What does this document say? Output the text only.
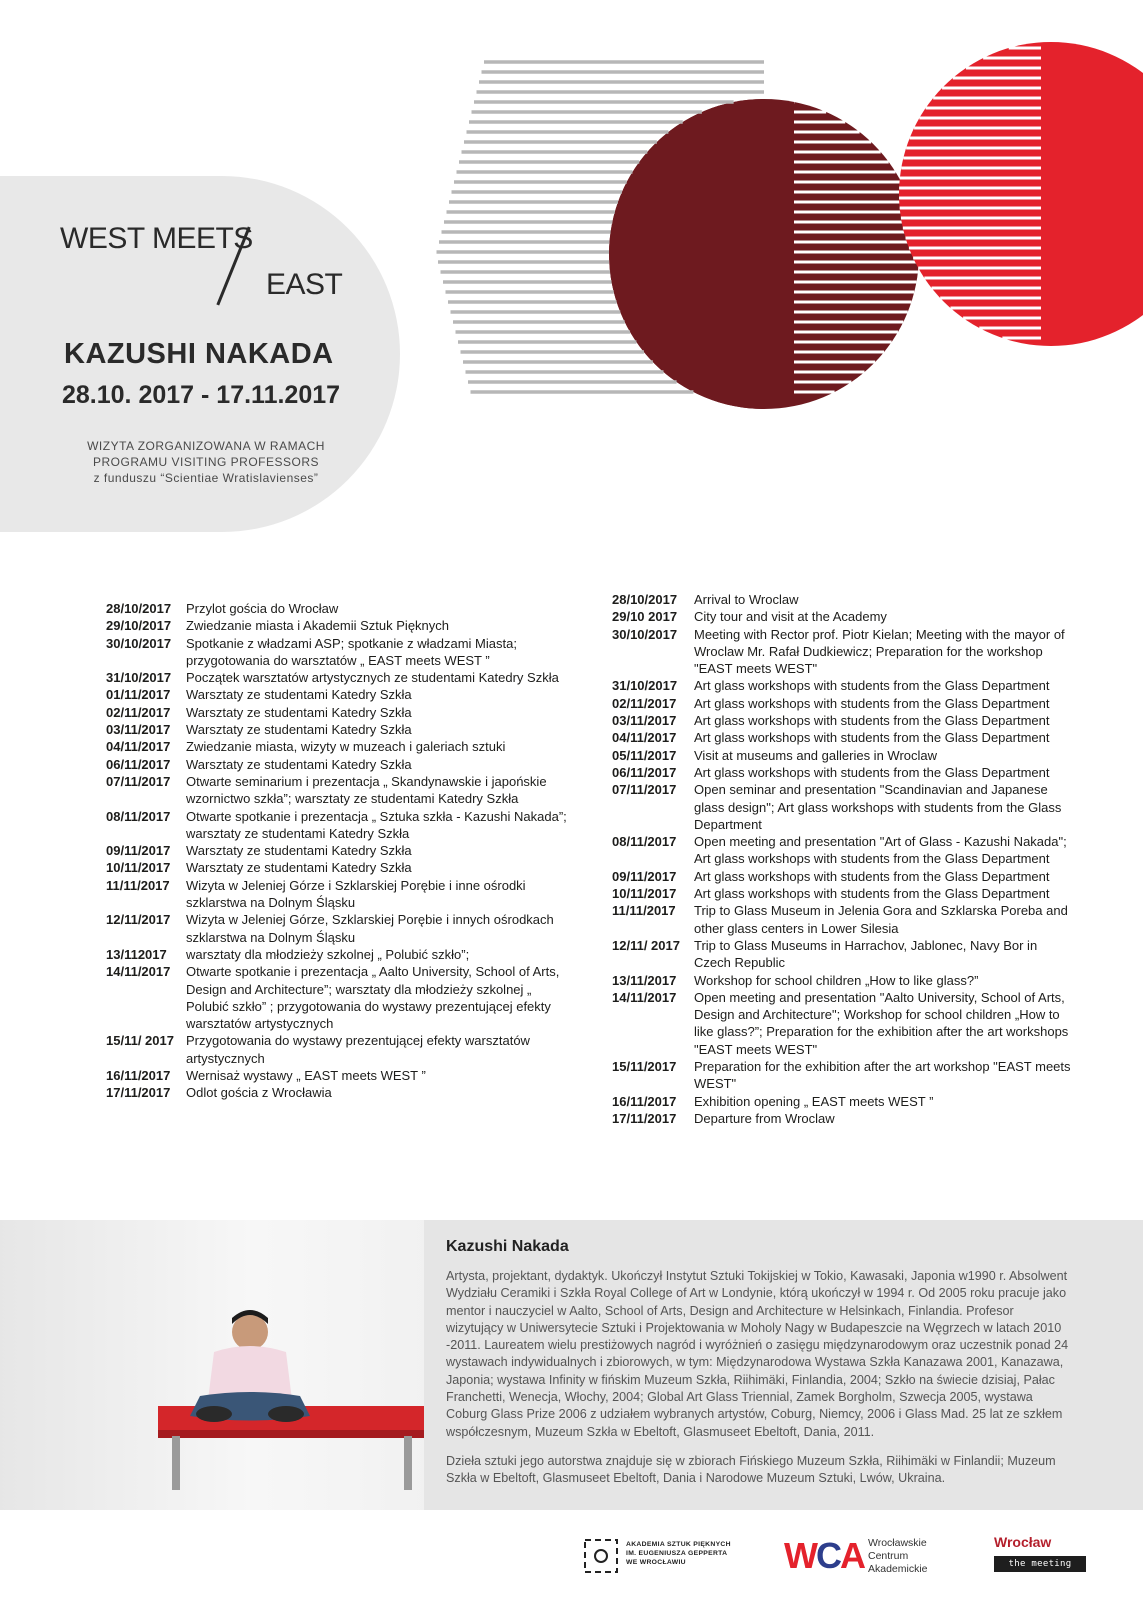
WEST MEETS
EAST
KAZUSHI NAKADA
28.10. 2017 - 17.11.2017
WIZYTA ZORGANIZOWANA W RAMACH
PROGRAMU VISITING PROFESSORS
z funduszu “Scientiae Wratislavienses”
28/10/2017	Przylot gościa do Wrocław
29/10/2017	Zwiedzanie miasta i Akademii Sztuk Pięknych
30/10/2017	Spotkanie z władzami ASP; spotkanie z władzami Miasta; przygotowania do warsztatów „ EAST meets WEST ”
31/10/2017	Początek warsztatów artystycznych ze studentami Katedry Szkła
01/11/2017	Warsztaty ze studentami Katedry Szkła
02/11/2017	Warsztaty ze studentami Katedry Szkła
03/11/2017	Warsztaty ze studentami Katedry Szkła
04/11/2017	Zwiedzanie miasta, wizyty w muzeach i galeriach sztuki
06/11/2017	Warsztaty ze studentami Katedry Szkła
07/11/2017	Otwarte seminarium i prezentacja „ Skandynawskie i japońskie wzornictwo szkła”; warsztaty ze studentami Katedry Szkła
08/11/2017	Otwarte spotkanie i prezentacja „ Sztuka szkła - Kazushi Nakada”; warsztaty ze studentami Katedry Szkła
09/11/2017	Warsztaty ze studentami Katedry Szkła
10/11/2017	Warsztaty ze studentami Katedry Szkła
11/11/2017	Wizyta w Jeleniej Górze i Szklarskiej Porębie i inne ośrodki szklarstwa na Dolnym Śląsku
12/11/2017	Wizyta w Jeleniej Górze, Szklarskiej Porębie i innych ośrodkach szklarstwa na Dolnym Śląsku
13/112017	warsztaty dla młodzieży szkolnej „ Polubić szkło”;
14/11/2017	Otwarte spotkanie i prezentacja „ Aalto University, School of Arts, Design and Architecture”; warsztaty dla młodzieży szkolnej „ Polubić szkło” ; przygotowania do wystawy prezentującej efekty warsztatów artystycznych
15/11/ 2017 Przygotowania do wystawy prezentującej efekty warsztatów artystycznych
16/11/2017	Wernisaż wystawy „ EAST meets WEST ”
17/11/2017	Odlot gościa z Wrocławia
28/10/2017	Arrival to Wroclaw
29/10 2017	City tour and visit at the Academy
30/10/2017	Meeting with Rector prof. Piotr Kielan; Meeting with the mayor of Wroclaw Mr. Rafał Dudkiewicz; Preparation for the workshop "EAST meets WEST"
31/10/2017	Art glass workshops with students from the Glass Department
02/11/2017	Art glass workshops with students from the Glass Department
03/11/2017	Art glass workshops with students from the Glass Department
04/11/2017	Art glass workshops with students from the Glass Department
05/11/2017	Visit at museums and galleries in Wroclaw
06/11/2017	Art glass workshops with students from the Glass Department
07/11/2017	Open seminar and presentation "Scandinavian and Japanese glass design"; Art glass workshops with students from the Glass Department
08/11/2017	Open meeting and presentation "Art of Glass - Kazushi Nakada"; Art glass workshops with students from the Glass Department
09/11/2017	Art glass workshops with students from the Glass Department
10/11/2017	Art glass workshops with students from the Glass Department
11/11/2017	Trip to Glass Museum in Jelenia Gora and Szklarska Poreba and other glass centers in Lower Silesia
12/11/ 2017	Trip to Glass Museums in Harrachov, Jablonec, Navy Bor in Czech Republic
13/11/2017	Workshop for school children „How to like glass?”
14/11/2017	Open meeting and presentation "Aalto University, School of Arts, Design and Architecture"; Workshop for school children „How to like glass?”; Preparation for the exhibition after the art workshops "EAST meets WEST"
15/11/2017	Preparation for the exhibition after the art workshop "EAST meets WEST"
16/11/2017	Exhibition opening „ EAST meets WEST ”
17/11/2017	Departure from Wroclaw
Kazushi Nakada

Artysta, projektant, dydaktyk. Ukończył Instytut Sztuki Tokijskiej w Tokio, Kawasaki, Japonia w1990 r. Absolwent Wydziału Ceramiki i Szkła Royal College of Art w Londynie, którą ukończył w 1994 r. Od 2005 roku pracuje jako mentor i nauczyciel w Aalto, School of Arts, Design and Architecture w Helsinkach, Finlandia. Profesor wizytujący w Uniwersytecie Sztuki i Projektowania w Moholy Nagy w Budapeszcie na Węgrzech w latach 2010 -2011. Laureatem wielu prestiżowych nagród i wyróżnień o zasięgu międzynarodowym oraz uczestnik ponad 24 wystawach indywidualnych i zbiorowych, w tym: Międzynarodowa Wystawa Szkła Kanazawa 2001, Kanazawa, Japonia; wystawa Infinity w fińskim Muzeum Szkła, Riihimäki, Finlandia, 2004; Szkło na świecie dzisiaj, Pałac Franchetti, Wenecja, Włochy, 2004; Global Art Glass Triennial, Zamek Borgholm, Szwecja 2005, wystawa Coburg Glass Prize 2006 z udziałem wybranych artystów, Coburg, Niemcy, 2006 i Glass Mad. 25 lat ze szkłem współczesnym, Muzeum Szkła w Ebeltoft, Glasmuseet Ebeltoft, Dania, 2011.

Dzieła sztuki jego autorstwa znajduje się w zbiorach Fińskiego Muzeum Szkła, Riihimäki w Finlandii; Muzeum Szkła w Ebeltoft, Glasmuseet Ebeltoft, Dania i Narodowe Muzeum Sztuki, Lwów, Ukraina.

AKADEMIA SZTUK PIĘKNYCH
IM. EUGENIUSZA GEPPERTA
WE WROCŁAWIU	WCA Wrocławskie
Centrum
Akademickie
Wrocław
the meeting place
